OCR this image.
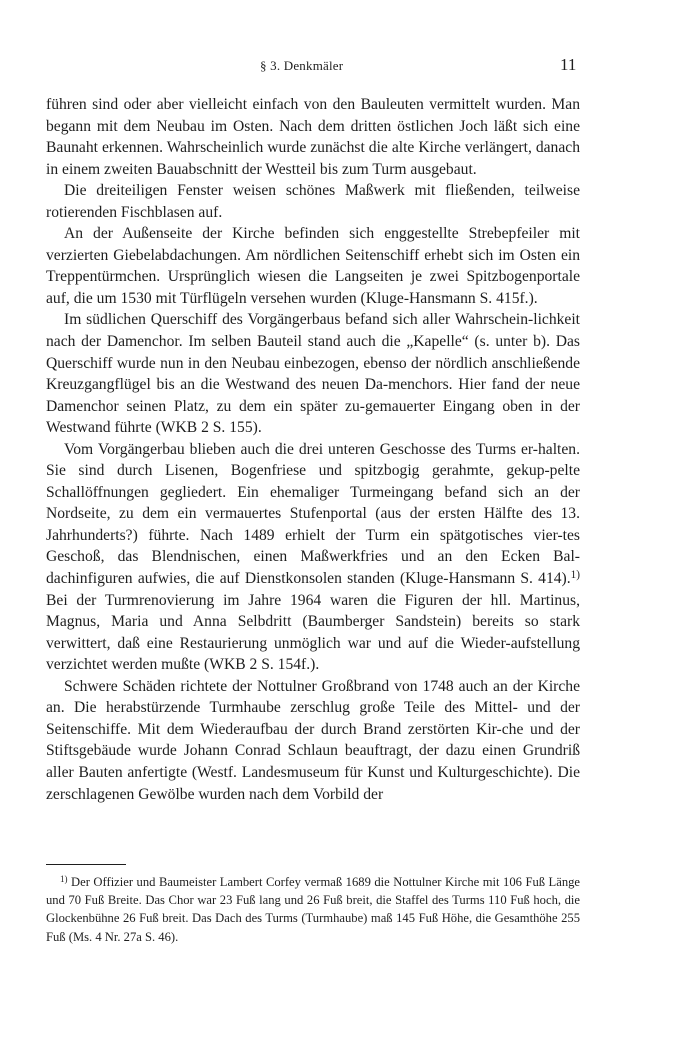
§ 3. Denkmäler	11

führen sind oder aber vielleicht einfach von den Bauleuten vermittelt wurden. Man begann mit dem Neubau im Osten. Nach dem dritten östlichen Joch läßt sich eine Baunaht erkennen. Wahrscheinlich wurde zunächst die alte Kirche verlängert, danach in einem zweiten Bauabschnitt der Westteil bis zum Turm ausgebaut.

Die dreiteiligen Fenster weisen schönes Maßwerk mit fließenden, teilweise rotierenden Fischblasen auf.

An der Außenseite der Kirche befinden sich enggestellte Strebepfeiler mit verzierten Giebelabdachungen. Am nördlichen Seitenschiff erhebt sich im Osten ein Treppentürmchen. Ursprünglich wiesen die Langseiten je zwei Spitzbogenportale auf, die um 1530 mit Türflügeln versehen wurden (Kluge-Hansmann S. 415f.).

Im südlichen Querschiff des Vorgängerbaus befand sich aller Wahrschein-lichkeit nach der Damenchor. Im selben Bauteil stand auch die „Kapelle“ (s. unter b). Das Querschiff wurde nun in den Neubau einbezogen, ebenso der nördlich anschließende Kreuzgangflügel bis an die Westwand des neuen Da-menchors. Hier fand der neue Damenchor seinen Platz, zu dem ein später zu-gemauerter Eingang oben in der Westwand führte (WKB 2 S. 155).

Vom Vorgängerbau blieben auch die drei unteren Geschosse des Turms er-halten. Sie sind durch Lisenen, Bogenfriese und spitzbogig gerahmte, gekup-pelte Schallöffnungen gegliedert. Ein ehemaliger Turmeingang befand sich an der Nordseite, zu dem ein vermauertes Stufenportal (aus der ersten Hälfte des 13. Jahrhunderts?) führte. Nach 1489 erhielt der Turm ein spätgotisches vier-tes Geschoß, das Blendnischen, einen Maßwerkfries und an den Ecken Bal-dachinfiguren aufwies, die auf Dienstkonsolen standen (Kluge-Hansmann S. 414).$^{1)}$ Bei der Turmrenovierung im Jahre 1964 waren die Figuren der hll. Martinus, Magnus, Maria und Anna Selbdritt (Baumberger Sandstein) bereits so stark verwittert, daß eine Restaurierung unmöglich war und auf die Wieder-aufstellung verzichtet werden mußte (WKB 2 S. 154f.).

Schwere Schäden richtete der Nottulner Großbrand von 1748 auch an der Kirche an. Die herabstürzende Turmhaube zerschlug große Teile des Mittel- und der Seitenschiffe. Mit dem Wiederaufbau der durch Brand zerstörten Kir-che und der Stiftsgebäude wurde Johann Conrad Schlaun beauftragt, der dazu einen Grundriß aller Bauten anfertigte (Westf. Landesmuseum für Kunst und Kulturgeschichte). Die zerschlagenen Gewölbe wurden nach dem Vorbild der

$^{1)}$ Der Offizier und Baumeister Lambert Corfey vermaß 1689 die Nottulner Kirche mit 106 Fuß Länge und 70 Fuß Breite. Das Chor war 23 Fuß lang und 26 Fuß breit, die Staffel des Turms 110 Fuß hoch, die Glockenbühne 26 Fuß breit. Das Dach des Turms (Turmhaube) maß 145 Fuß Höhe, die Gesamthöhe 255 Fuß (Ms. 4 Nr. 27a S. 46).
